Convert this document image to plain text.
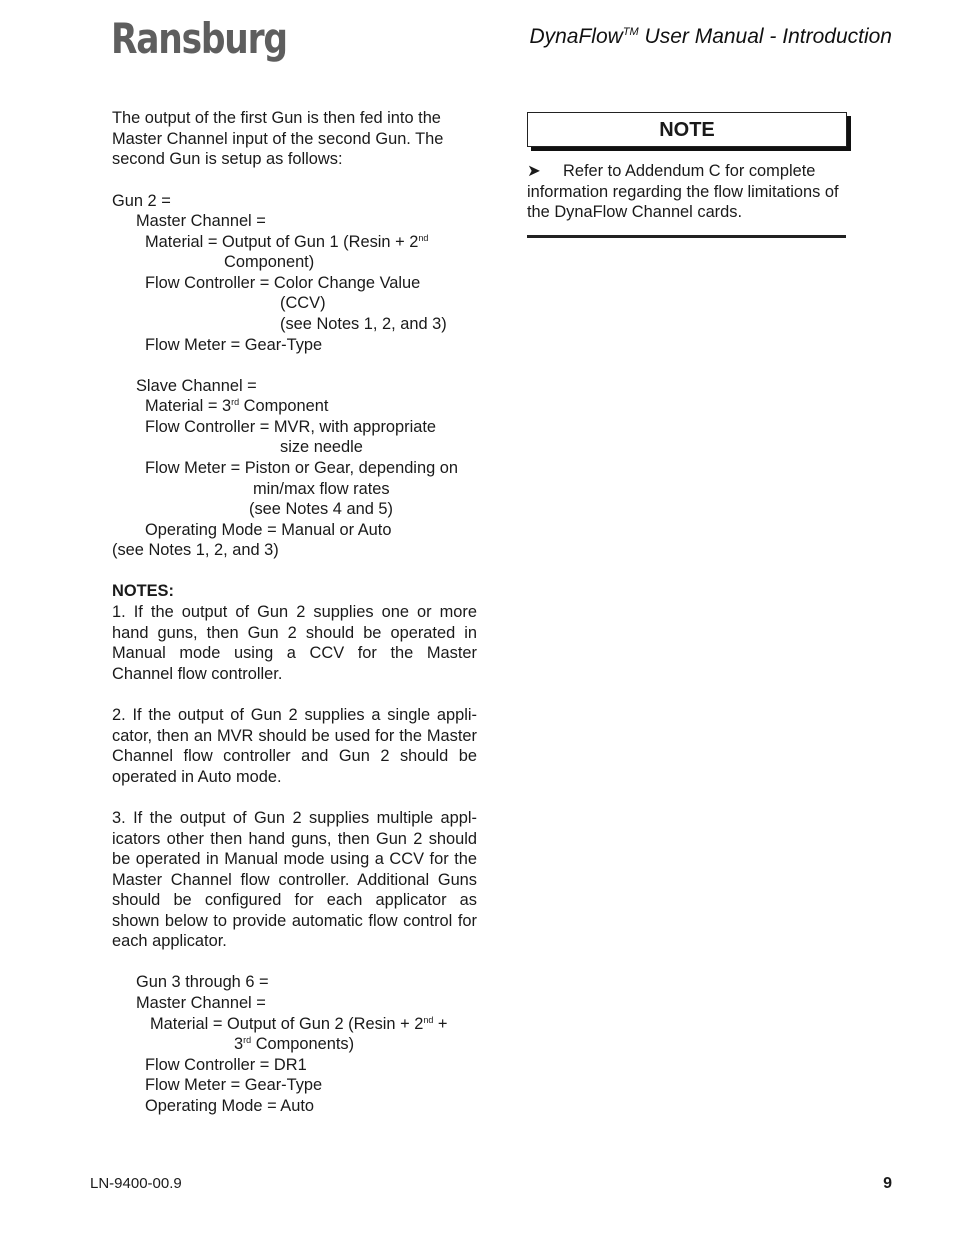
Ransburg	DynaFlow™ User Manual - Introduction
The output of the first Gun is then fed into the
Master Channel input of the second Gun. The
second Gun is setup as follows:
Gun 2 =
Master Channel =
Material = Output of Gun 1 (Resin + 2nd
Component)
Flow Controller = Color Change Value
(CCV)
(see Notes 1, 2, and 3)
Flow Meter = Gear-Type
Slave Channel =
Material = 3rd Component
Flow Controller = MVR, with appropriate
size needle
Flow Meter = Piston or Gear, depending on
min/max flow rates
(see Notes 4 and 5)
Operating Mode = Manual or Auto
(see Notes 1, 2, and 3)
NOTES:
1. If the output of Gun 2 supplies one or more hand guns, then Gun 2 should be operated in Manual mode using a CCV for the Master Channel flow controller.
2. If the output of Gun 2 supplies a single appli-cator, then an MVR should be used for the Master Channel flow controller and Gun 2 should be operated in Auto mode.
3. If the output of Gun 2 supplies multiple appl-icators other then hand guns, then Gun 2 should be operated in Manual mode using a CCV for the Master Channel flow controller. Additional Guns should be configured for each applicator as shown below to provide automatic flow control for each applicator.
Gun 3 through 6 =
Master Channel =
Material = Output of Gun 2 (Resin + 2nd +
3rd Components)
Flow Controller = DR1
Flow Meter = Gear-Type
Operating Mode = Auto
NOTE
➤ Refer to Addendum C for complete
information regarding the flow limitations of
the DynaFlow Channel cards.
LN-9400-00.9	9
